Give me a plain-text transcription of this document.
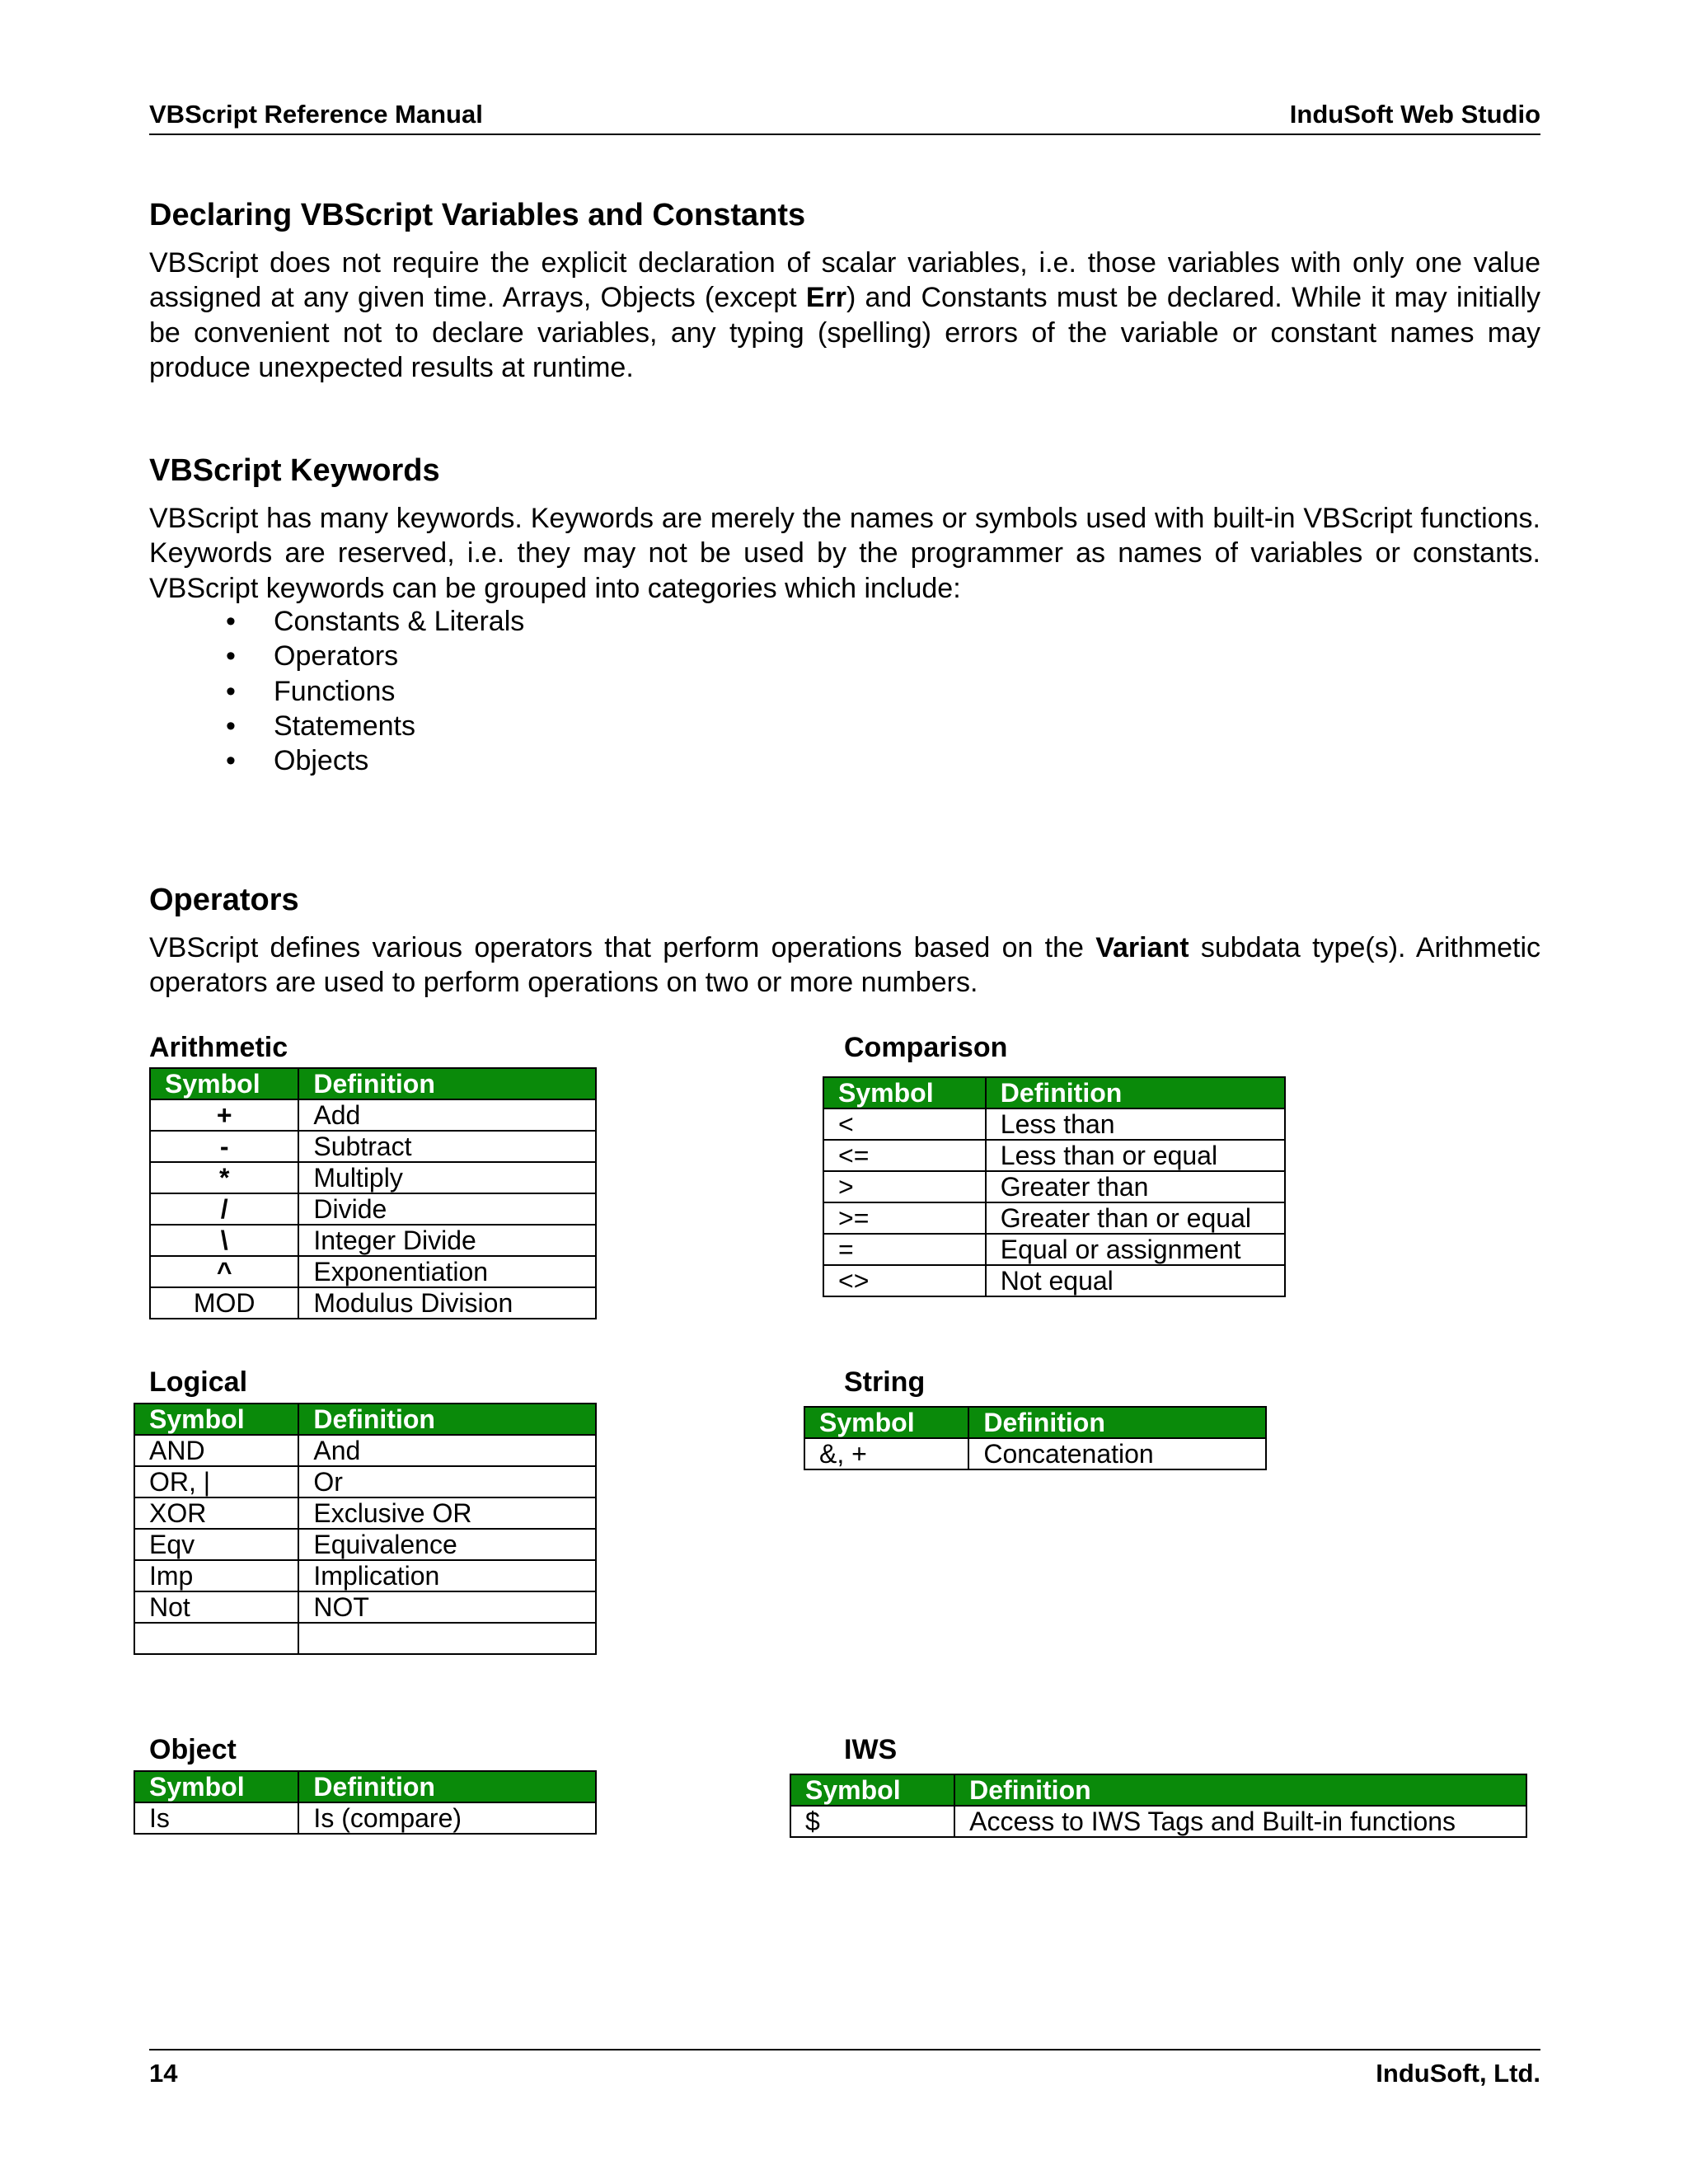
VBScript Reference Manual	InduSoft Web Studio
Declaring VBScript Variables and Constants

VBScript does not require the explicit declaration of scalar variables, i.e. those variables with only one value assigned at any given time. Arrays, Objects (except Err) and Constants must be declared. While it may initially be convenient not to declare variables, any typing (spelling) errors of the variable or constant names may produce unexpected results at runtime.

VBScript Keywords

VBScript has many keywords. Keywords are merely the names or symbols used with built-in VBScript functions. Keywords are reserved, i.e. they may not be used by the programmer as names of variables or constants. VBScript keywords can be grouped into categories which include:

• Constants & Literals
• Operators
• Functions
• Statements
• Objects
Operators

VBScript defines various operators that perform operations based on the Variant subdata type(s). Arithmetic operators are used to perform operations on two or more numbers.

Arithmetic
Symbol	Definition
+	Add
-	Subtract
*	Multiply
/	Divide
\	Integer Divide
^	Exponentiation
MOD	Modulus Division
Comparison
Symbol	Definition
<	Less than
<=	Less than or equal
>	Greater than
>=	Greater than or equal
=	Equal or assignment
<>	Not equal
Logical
Symbol	Definition
AND	And
OR, |	Or
XOR	Exclusive OR
Eqv	Equivalence
Imp	Implication
Not	NOT

String
Symbol	Definition
&, +	Concatenation
Object
Symbol	Definition
Is	Is (compare)
IWS
Symbol	Definition
$	Access to IWS Tags and Built-in functions
14	InduSoft, Ltd.
